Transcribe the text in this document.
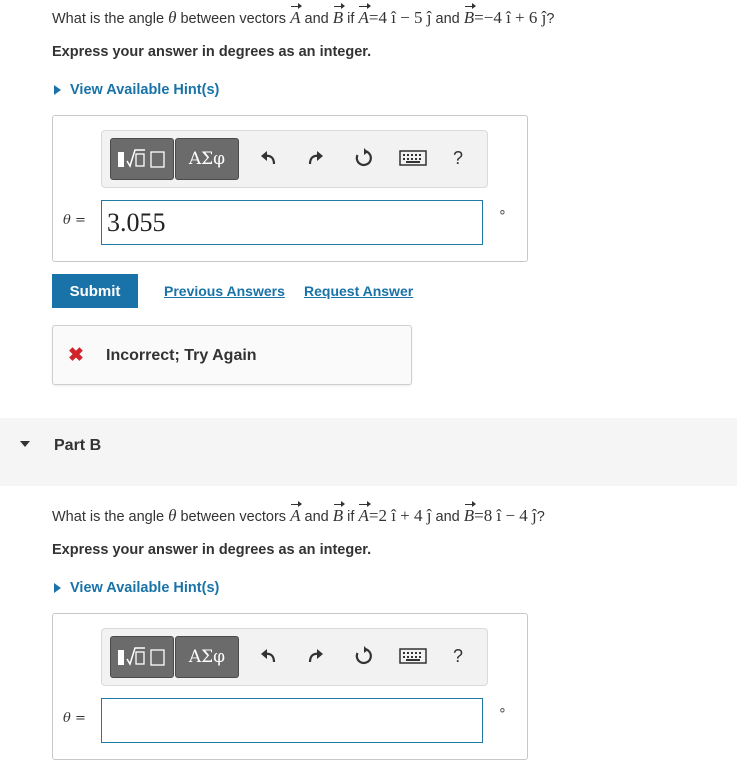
What is the angle θ between vectors A and B if A=4 î − 5 ĵ and B=−4 î + 6 ĵ?
Express your answer in degrees as an integer.
View Available Hint(s)
ΑΣφ	?
θ = 3.055	∘
Submit	Previous Answers Request Answer
✖ Incorrect; Try Again
Part B
What is the angle θ between vectors A and B if A=2 î + 4 ĵ and B=8 î − 4 ĵ?
Express your answer in degrees as an integer.
View Available Hint(s)
ΑΣφ	?
θ =
∘
